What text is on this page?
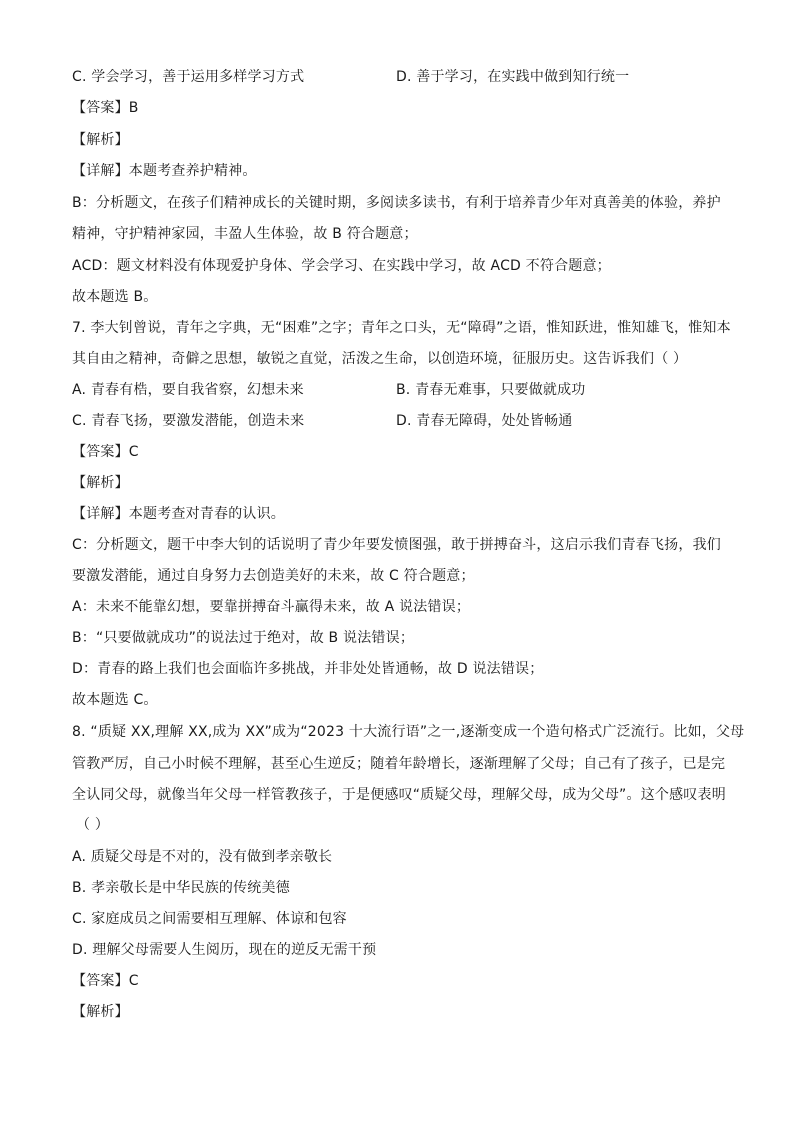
C. 学会学习，善于运用多样学习方式	D. 善于学习，在实践中做到知行统一
【答案】B
【解析】
【详解】本题考查养护精神。
B：分析题文，在孩子们精神成长的关键时期，多阅读多读书，有利于培养青少年对真善美的体验，养护
精神，守护精神家园，丰盈人生体验，故 B 符合题意；
ACD：题文材料没有体现爱护身体、学会学习、在实践中学习，故 ACD 不符合题意；
故本题选 B。
7. 李大钊曾说，青年之字典，无“困难”之字；青年之口头，无“障碍”之语，惟知跃进，惟知雄飞，惟知本
其自由之精神，奇僻之思想，敏锐之直觉，活泼之生命，以创造环境，征服历史。这告诉我们（ ）
A. 青春有梏，要自我省察，幻想未来	B. 青春无难事，只要做就成功
C. 青春飞扬，要激发潜能，创造未来	D. 青春无障碍，处处皆畅通
【答案】C
【解析】
【详解】本题考查对青春的认识。
C：分析题文，题干中李大钊的话说明了青少年要发愤图强，敢于拼搏奋斗，这启示我们青春飞扬，我们
要激发潜能，通过自身努力去创造美好的未来，故 C 符合题意；
A：未来不能靠幻想，要靠拼搏奋斗赢得未来，故 A 说法错误；
B：“只要做就成功”的说法过于绝对，故 B 说法错误；
D：青春的路上我们也会面临许多挑战，并非处处皆通畅，故 D 说法错误；
故本题选 C。
8. “质疑 XX,理解 XX,成为 XX”成为“2023 十大流行语”之一,逐渐变成一个造句格式广泛流行。比如，父母
管教严厉，自己小时候不理解，甚至心生逆反；随着年龄增长，逐渐理解了父母；自己有了孩子，已是完
全认同父母，就像当年父母一样管教孩子，于是便感叹“质疑父母，理解父母，成为父母”。这个感叹表明
（ ）
A. 质疑父母是不对的，没有做到孝亲敬长
B. 孝亲敬长是中华民族的传统美德
C. 家庭成员之间需要相互理解、体谅和包容
D. 理解父母需要人生阅历，现在的逆反无需干预
【答案】C
【解析】
